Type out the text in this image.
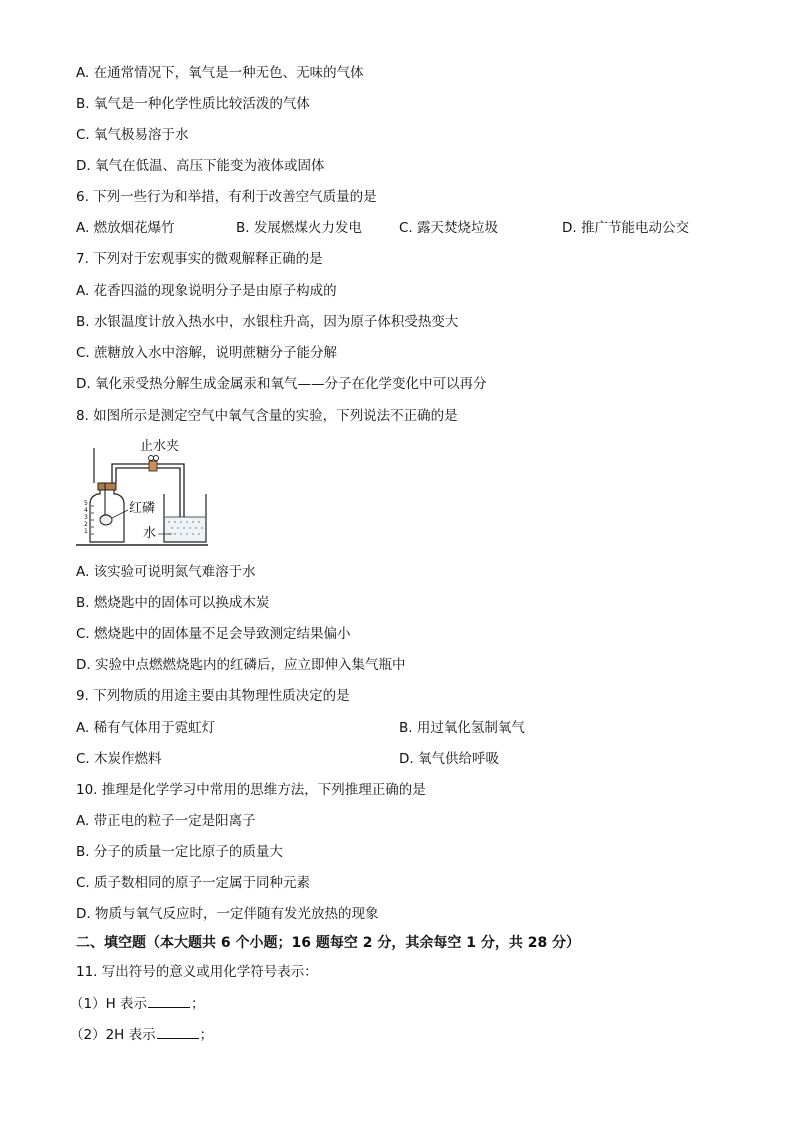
A. 在通常情况下，氧气是一种无色、无味的气体
B. 氧气是一种化学性质比较活泼的气体
C. 氧气极易溶于水
D. 氧气在低温、高压下能变为液体或固体
6. 下列一些行为和举措，有利于改善空气质量的是
A. 燃放烟花爆竹	B. 发展燃煤火力发电	C. 露天焚烧垃圾	D. 推广节能电动公交
7. 下列对于宏观事实的微观解释正确的是
A. 花香四溢的现象说明分子是由原子构成的
B. 水银温度计放入热水中，水银柱升高，因为原子体积受热变大
C. 蔗糖放入水中溶解，说明蔗糖分子能分解
D. 氧化汞受热分解生成金属汞和氧气——分子在化学变化中可以再分
8. 如图所示是测定空气中氧气含量的实验，下列说法不正确的是
止水夹
红磷
水
5
4
3
2
1
A. 该实验可说明氮气难溶于水
B. 燃烧匙中的固体可以换成木炭
C. 燃烧匙中的固体量不足会导致测定结果偏小
D. 实验中点燃燃烧匙内的红磷后，应立即伸入集气瓶中
9. 下列物质的用途主要由其物理性质决定的是
A. 稀有气体用于霓虹灯	B. 用过氧化氢制氧气
C. 木炭作燃料	D. 氧气供给呼吸
10. 推理是化学学习中常用的思维方法，下列推理正确的是
A. 带正电的粒子一定是阳离子
B. 分子的质量一定比原子的质量大
C. 质子数相同的原子一定属于同种元素
D. 物质与氧气反应时，一定伴随有发光放热的现象
二、填空题（本大题共 6 个小题；16 题每空 2 分，其余每空 1 分，共 28 分）
11. 写出符号的意义或用化学符号表示：
（1）H 表示	；
（2）2H 表示	；
